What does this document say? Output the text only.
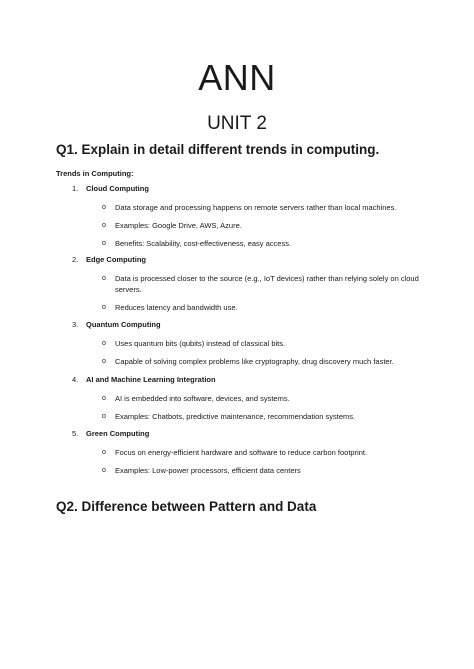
ANN
UNIT 2
Q1. Explain in detail different trends in computing.
Trends in Computing:
1. Cloud Computing
o Data storage and processing happens on remote servers rather than local machines.
o Examples: Google Drive, AWS, Azure.
o Benefits: Scalability, cost-effectiveness, easy access.
2. Edge Computing
o Data is processed closer to the source (e.g., IoT devices) rather than relying solely on cloud servers.
o Reduces latency and bandwidth use.
3. Quantum Computing
o Uses quantum bits (qubits) instead of classical bits.
o Capable of solving complex problems like cryptography, drug discovery much faster.
4. AI and Machine Learning Integration
o AI is embedded into software, devices, and systems.
o Examples: Chatbots, predictive maintenance, recommendation systems.
5. Green Computing
o Focus on energy-efficient hardware and software to reduce carbon footprint.
o Examples: Low-power processors, efficient data centers
Q2. Difference between Pattern and Data
